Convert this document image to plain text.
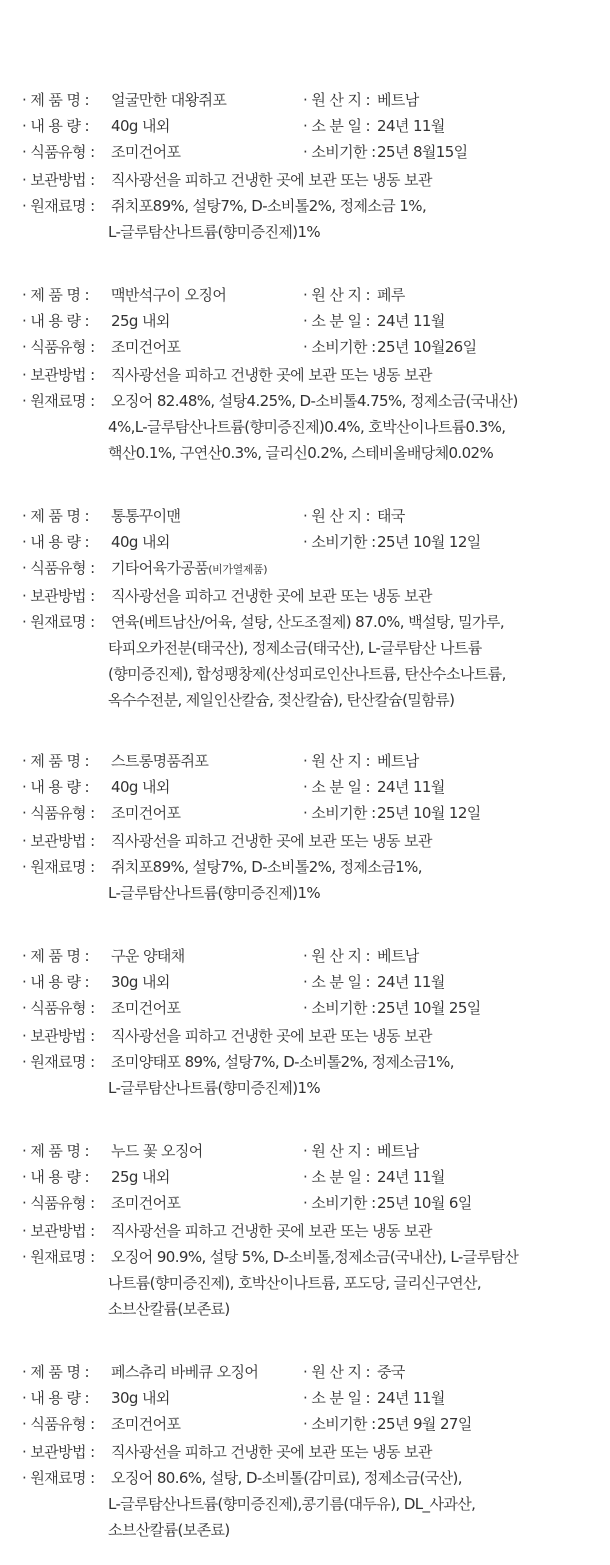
· 제 품 명 : 얼굴만한 대왕쥐포	· 원 산 지 : 베트남
· 내 용 량 : 40g 내외	· 소 분 일 : 24년 11월
· 식품유형 : 조미건어포	· 소비기한 : 25년 8월15일
· 보관방법 : 직사광선을 피하고 건냉한 곳에 보관 또는 냉동 보관
· 원재료명 : 쥐치포89%, 설탕7%, D-소비톨2%, 정제소금 1%,
L-글루탐산나트륨(향미증진제)1%
· 제 품 명 : 맥반석구이 오징어	· 원 산 지 : 페루
· 내 용 량 : 25g 내외	· 소 분 일 : 24년 11월
· 식품유형 : 조미건어포	· 소비기한 : 25년 10월26일
· 보관방법 : 직사광선을 피하고 건냉한 곳에 보관 또는 냉동 보관
· 원재료명 : 오징어 82.48%, 설탕4.25%, D-소비톨4.75%, 정제소금(국내산)
4%,L-글루탐산나트륨(향미증진제)0.4%, 호박산이나트륨0.3%,
핵산0.1%, 구연산0.3%, 글리신0.2%, 스테비올배당체0.02%
· 제 품 명 : 통통꾸이맨	· 원 산 지 : 태국
· 내 용 량 : 40g 내외	· 소비기한 : 25년 10월 12일
· 식품유형 : 기타어육가공품(비가열제품)
· 보관방법 : 직사광선을 피하고 건냉한 곳에 보관 또는 냉동 보관
· 원재료명 : 연육(베트남산/어육, 설탕, 산도조절제) 87.0%, 백설탕, 밀가루,
타피오카전분(태국산), 정제소금(태국산), L-글루탐산 나트륨
(향미증진제), 합성팽창제(산성피로인산나트륨, 탄산수소나트륨,
옥수수전분, 제일인산칼슘, 젖산칼슘), 탄산칼슘(밀함류)
· 제 품 명 : 스트롱명품쥐포	· 원 산 지 : 베트남
· 내 용 량 : 40g 내외	· 소 분 일 : 24년 11월
· 식품유형 : 조미건어포	· 소비기한 : 25년 10월 12일
· 보관방법 : 직사광선을 피하고 건냉한 곳에 보관 또는 냉동 보관
· 원재료명 : 쥐치포89%, 설탕7%, D-소비톨2%, 정제소금1%,
L-글루탐산나트륨(향미증진제)1%
· 제 품 명 : 구운 양태채	· 원 산 지 : 베트남
· 내 용 량 : 30g 내외	· 소 분 일 : 24년 11월
· 식품유형 : 조미건어포	· 소비기한 : 25년 10월 25일
· 보관방법 : 직사광선을 피하고 건냉한 곳에 보관 또는 냉동 보관
· 원재료명 : 조미양태포 89%, 설탕7%, D-소비톨2%, 정제소금1%,
L-글루탐산나트륨(향미증진제)1%
· 제 품 명 : 누드 꽃 오징어	· 원 산 지 : 베트남
· 내 용 량 : 25g 내외	· 소 분 일 : 24년 11월
· 식품유형 : 조미건어포	· 소비기한 : 25년 10월 6일
· 보관방법 : 직사광선을 피하고 건냉한 곳에 보관 또는 냉동 보관
· 원재료명 : 오징어 90.9%, 설탕 5%, D-소비톨,정제소금(국내산), L-글루탐산
나트륨(향미증진제), 호박산이나트륨, 포도당, 글리신구연산,
소브산칼륨(보존료)
· 제 품 명 : 페스츄리 바베큐 오징어	· 원 산 지 : 중국
· 내 용 량 : 30g 내외	· 소 분 일 : 24년 11월
· 식품유형 : 조미건어포	· 소비기한 : 25년 9월 27일
· 보관방법 : 직사광선을 피하고 건냉한 곳에 보관 또는 냉동 보관
· 원재료명 : 오징어 80.6%, 설탕, D-소비톨(감미료), 정제소금(국산),
L-글루탐산나트륨(향미증진제),콩기름(대두유), DL_사과산,
소브산칼륨(보존료)
